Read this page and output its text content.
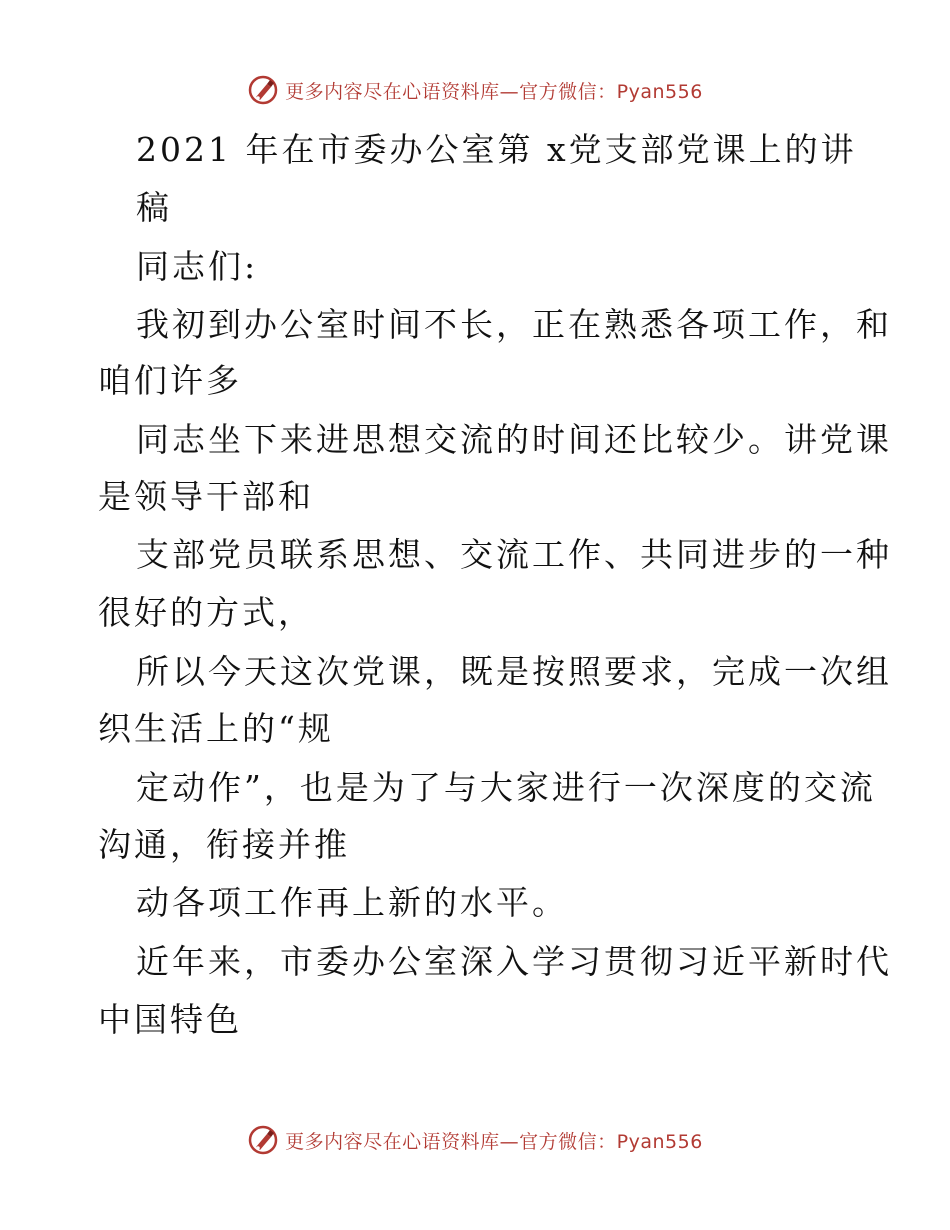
更多内容尽在心语资料库—官方微信：Pyan556
2021 年在市委办公室第 x党支部党课上的讲
稿
同志们:
我初到办公室时间不长，正在熟悉各项工作，和
咱们许多
同志坐下来进思想交流的时间还比较少。讲党课
是领导干部和
支部党员联系思想、交流工作、共同进步的一种
很好的方式，
所以今天这次党课，既是按照要求，完成一次组
织生活上的“规
定动作”，也是为了与大家进行一次深度的交流
沟通，衔接并推
动各项工作再上新的水平。
近年来，市委办公室深入学习贯彻习近平新时代
中国特色
更多内容尽在心语资料库—官方微信：Pyan556
